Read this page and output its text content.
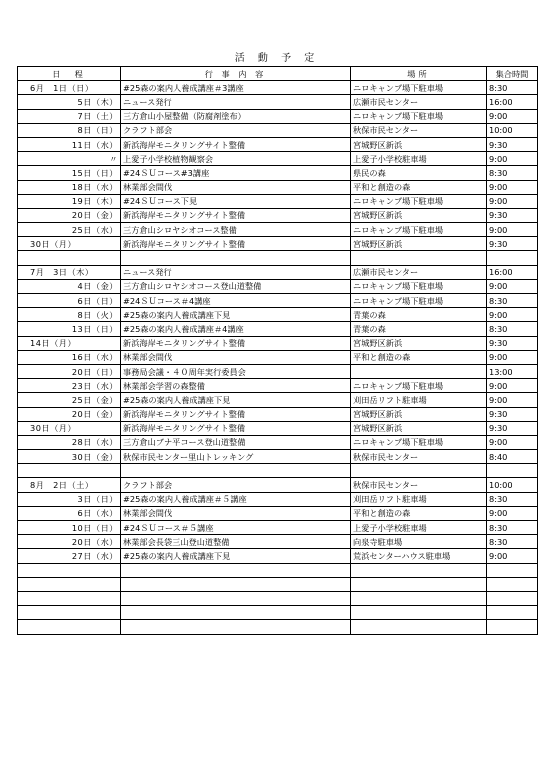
活 動 予 定
日　程	行 事 内 容	場所	集合時間
6月　1日（日）	#25森の案内人養成講座＃3講座	ニロキャンプ場下駐車場	8:30
5日（木）	ニュース発行	広瀬市民センター	16:00
7日（土）	三方倉山小屋整備（防腐剤塗布）	ニロキャンプ場下駐車場	9:00
8日（日）	クラフト部会	秋保市民センター	10:00
11日（水）	新浜海岸モニタリングサイト整備	宮城野区新浜	9:30
〃	上愛子小学校植物観察会	上愛子小学校駐車場	9:00
15日（日）	#24ＳＵコース#3講座	県民の森	8:30
18日（水）	林業部会間伐	平和と創造の森	9:00
19日（木）	#24ＳＵコース下見	ニロキャンプ場下駐車場	9:00
20日（金）	新浜海岸モニタリングサイト整備	宮城野区新浜	9:30
25日（水）	三方倉山シロヤシオコース整備	ニロキャンプ場下駐車場	9:00
30日（月）	新浜海岸モニタリングサイト整備	宮城野区新浜	9:30

7月　3日（木）	ニュース発行	広瀬市民センター	16:00
4日（金）	三方倉山シロヤシオコース登山道整備	ニロキャンプ場下駐車場	9:00
6日（日）	#24ＳＵコース＃4講座	ニロキャンプ場下駐車場	8:30
8日（火）	#25森の案内人養成講座下見	青葉の森	9:00
13日（日）	#25森の案内人養成講座＃4講座	青葉の森	8:30
14日（月）	新浜海岸モニタリングサイト整備	宮城野区新浜	9:30
16日（水）	林業部会間伐	平和と創造の森	9:00
20日（日）	事務局会議・４０周年実行委員会		13:00
23日（水）	林業部会学習の森整備	ニロキャンプ場下駐車場	9:00
25日（金）	#25森の案内人養成講座下見	刈田岳リフト駐車場	9:00
20日（金）	新浜海岸モニタリングサイト整備	宮城野区新浜	9:30
30日（月）	新浜海岸モニタリングサイト整備	宮城野区新浜	9:30
28日（水）	三方倉山ブナ平コース登山道整備	ニロキャンプ場下駐車場	9:00
30日（金）	秋保市民センター里山トレッキング	秋保市民センター	8:40

8月　2日（土）	クラフト部会	秋保市民センター	10:00
3日（日）	#25森の案内人養成講座＃５講座	刈田岳リフト駐車場	8:30
6日（水）	林業部会間伐	平和と創造の森	9:00
10日（日）	#24ＳＵコース＃５講座	上愛子小学校駐車場	8:30
20日（水）	林業部会長袋三山登山道整備	向泉寺駐車場	8:30
27日（水）	#25森の案内人養成講座下見	荒浜センターハウス駐車場	9:00
